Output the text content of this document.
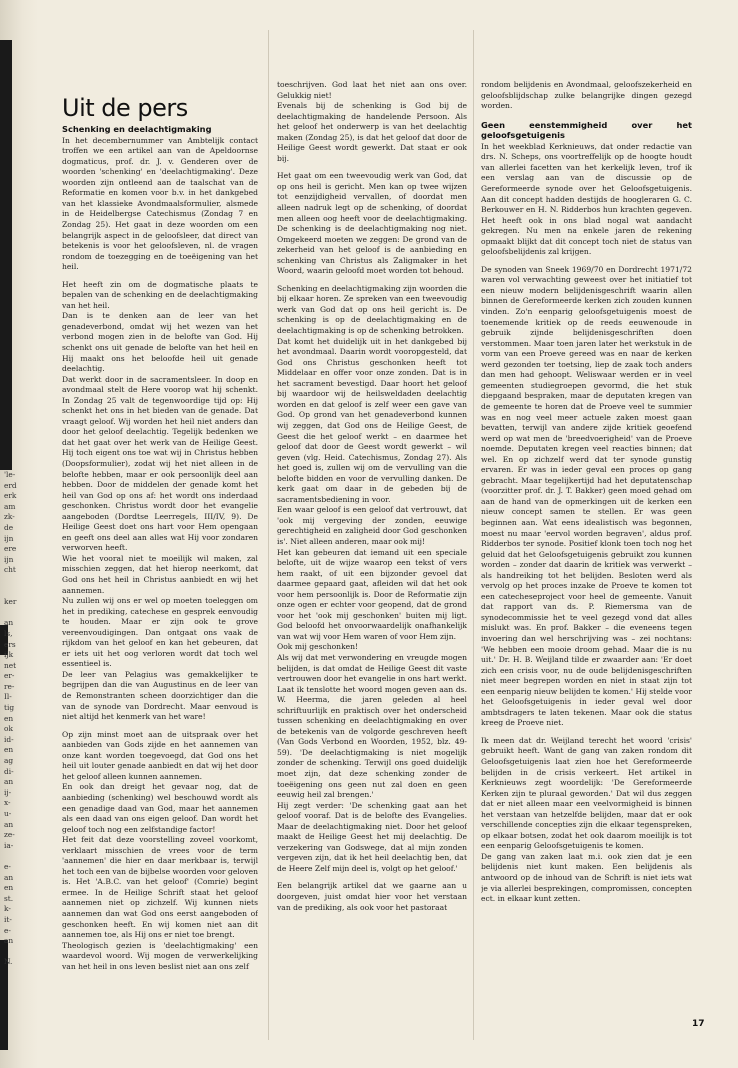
'le-
erd
erk
am
zk-
de
ijn
ere
ijn
cht

ker

an
ls,
ers
ijk
net
er-
re-
Il-
tig
en
ok
id-
en
ag
di-
an
ij-
x-
u-
an
ze-
ia-

e-
an
en
st.
k-
it-
e-
an

N.
Uit de pers
Schenking en deelachtigmaking

In het decembernummer van Ambtelijk contact troffen we een artikel aan van de Apeldoornse dogmaticus, prof. dr. J. v. Genderen over de woorden 'schenking' en 'deelachtigmaking'. Deze woorden zijn ontleend aan de taalschat van de Reformatie en komen voor b.v. in het dankgebed van het klassieke Avondmaalsformulier, alsmede in de Heidelbergse Catechismus (Zondag 7 en Zondag 25). Het gaat in deze woorden om een belangrijk aspect in de geloofsleer, dat direct van betekenis is voor het geloofsleven, nl. de vragen rondom de toezegging en de toeëigening van het heil.

Het heeft zin om de dogmatische plaats te bepalen van de schenking en de deelachtigmaking van het heil.
Dan is te denken aan de leer van het genadeverbond, omdat wij het wezen van het verbond mogen zien in de belofte van God. Hij schenkt ons uit genade de belofte van het heil en Hij maakt ons het beloofde heil uit genade deelachtig.
Dat werkt door in de sacramentsleer. In doop en avondmaal stelt de Here voorop wat hij schenkt. In Zondag 25 valt de tegenwoordige tijd op: Hij schenkt het ons in het bieden van de genade. Dat vraagt geloof. Wij worden het heil niet anders dan door het geloof deelachtig. Tegelijk bedenken we dat het gaat over het werk van de Heilige Geest. Hij toch eigent ons toe wat wij in Christus hebben (Doopsformulier), zodat wij het niet alleen in de belofte hebben, maar er ook persoonlijk deel aan hebben. Door de middelen der genade komt het heil van God op ons af: het wordt ons inderdaad geschonken. Christus wordt door het evangelie aangeboden (Dordtse Leerregels, III/IV, 9). De Heilige Geest doet ons hart voor Hem opengaan en geeft ons deel aan alles wat Hij voor zondaren verworven heeft.
Wie het vooral niet te moeilijk wil maken, zal misschien zeggen, dat het hierop neerkomt, dat God ons het heil in Christus aanbiedt en wij het aannemen.
Nu zullen wij ons er wel op moeten toeleggen om het in prediking, catechese en gesprek eenvoudig te houden. Maar er zijn ook te grove vereenvoudigingen. Dan ontgaat ons vaak de rijkdom van het geloof en kan het gebeuren, dat er iets uit het oog verloren wordt dat toch wel essentieel is.
De leer van Pelagius was gemakkelijker te begrijpen dan die van Augustinus en de leer van de Remonstranten scheen doorzichtiger dan die van de synode van Dordrecht. Maar eenvoud is niet altijd het kenmerk van het ware!

Op zijn minst moet aan de uitspraak over het aanbieden van Gods zijde en het aannemen van onze kant worden toegevoegd, dat God ons het heil uit louter genade aanbiedt en dat wij het door het geloof alleen kunnen aannemen.
En ook dan dreigt het gevaar nog, dat de aanbieding (schenking) wel beschouwd wordt als een genadige daad van God, maar het aannemen als een daad van ons eigen geloof. Dan wordt het geloof toch nog een zelfstandige factor!
Het feit dat deze voorstelling zoveel voorkomt, verklaart misschien de vrees voor de term 'aannemen' die hier en daar merkbaar is, terwijl het toch een van de bijbelse woorden voor geloven is. Het 'A.B.C. van het geloof' (Comrie) begint ermee. In de Heilige Schrift staat het geloof aannemen niet op zichzelf. Wij kunnen niets aannemen dan wat God ons eerst aangeboden of geschonken heeft. En wij komen niet aan dit aannemen toe, als Hij ons er niet toe brengt.
Theologisch gezien is 'deelachtigmaking' een waardevol woord. Wij mogen de verwerkelijking van het heil in ons leven beslist niet aan ons zelf

toeschrijven. God laat het niet aan ons over. Gelukkig niet!
Evenals bij de schenking is God bij de deelachtigmaking de handelende Persoon. Als het geloof het onderwerp is van het deelachtig maken (Zondag 25), is dat het geloof dat door de Heilige Geest wordt gewerkt. Dat staat er ook bij.

Het gaat om een tweevoudig werk van God, dat op ons heil is gericht. Men kan op twee wijzen tot eenzijdigheid vervallen, of doordat men alleen nadruk legt op de schenking, of doordat men alleen oog heeft voor de deelachtigmaking. De schenking is de deelachtigmaking nog niet. Omgekeerd moeten we zeggen: De grond van de zekerheid van het geloof is de aanbieding en schenking van Christus als Zaligmaker in het Woord, waarin geloofd moet worden tot behoud.

Schenking en deelachtigmaking zijn woorden die bij elkaar horen. Ze spreken van een tweevoudig werk van God dat op ons heil gericht is. De schenking is op de deelachtigmaking en de deelachtigmaking is op de schenking betrokken.
Dat komt het duidelijk uit in het dankgebed bij het avondmaal. Daarin wordt vooropgesteld, dat God ons Christus geschonken heeft tot Middelaar en offer voor onze zonden. Dat is in het sacrament bevestigd. Daar hoort het geloof bij waardoor wij de heilsweldaden deelachtig worden en dat geloof is zelf weer een gave van God. Op grond van het genadeverbond kunnen wij zeggen, dat God ons de Heilige Geest, de Geest die het geloof werkt – en daarmee het geloof dat door de Geest wordt gewerkt – wil geven (vlg. Heid. Catechismus, Zondag 27). Als het goed is, zullen wij om de vervulling van die belofte bidden en voor de vervulling danken. De kerk gaat om daar in de gebeden bij de sacramentsbediening in voor.
Een waar geloof is een geloof dat vertrouwt, dat 'ook mij vergeving der zonden, eeuwige gerechtigheid en zaligheid door God geschonken is'. Niet alleen anderen, maar ook mij!
Het kan gebeuren dat iemand uit een speciale belofte, uit de wijze waarop een tekst of vers hem raakt, of uit een bijzonder gevoel dat daarmee gepaard gaat, afleiden wil dat het ook voor hem persoonlijk is. Door de Reformatie zijn onze ogen er echter voor geopend, dat de grond voor het 'ook mij geschonken' buiten mij ligt. God beloofd het onvoorwaardelijk onafhankelijk van wat wij voor Hem waren of voor Hem zijn.
Ook mij geschonken!
Als wij dat met verwondering en vreugde mogen belijden, is dat omdat de Heilige Geest dit vaste vertrouwen door het evangelie in ons hart werkt.
Laat ik tenslotte het woord mogen geven aan ds. W. Heerma, die jaren geleden al heel schriftuurlijk en praktisch over het onderscheid tussen schenking en deelachtigmaking en over de betekenis van de volgorde geschreven heeft (Van Gods Verbond en Woorden, 1952, blz. 49-59). 'De deelachtigmaking is niet mogelijk zonder de schenking. Terwijl ons goed duidelijk moet zijn, dat deze schenking zonder de toeëigening ons geen nut zal doen en geen eeuwig heil zal brengen.'
Hij zegt verder: 'De schenking gaat aan het geloof vooraf. Dat is de belofte des Evangelies. Maar de deelachtigmaking niet. Door het geloof maakt de Heilige Geest het mij deelachtig. De verzekering van Godswege, dat al mijn zonden vergeven zijn, dat ik het heil deelachtig ben, dat de Heere Zelf mijn deel is, volgt op het geloof.'

Een belangrijk artikel dat we gaarne aan u doorgeven, juist omdat hier voor het verstaan van de prediking, als ook voor het pastoraat

rondom belijdenis en Avondmaal, geloofszekerheid en geloofsblijdschap zulke belangrijke dingen gezegd worden.

Geen eenstemmigheid over het geloofsgetuigenis

In het weekblad Kerknieuws, dat onder redactie van drs. N. Scheps, ons voortreffelijk op de hoogte houdt van allerlei facetten van het kerkelijk leven, trof ik een verslag aan van de discussie op de Gereformeerde synode over het Geloofsgetuigenis. Aan dit concept hadden destijds de hoogleraren G. C. Berkouwer en H. N. Ridderbos hun krachten gegeven. Het heeft ook in ons blad nogal wat aandacht gekregen. Nu men na enkele jaren de rekening opmaakt blijkt dat dit concept toch niet de status van geloofsbelijdenis zal krijgen.

De synoden van Sneek 1969/70 en Dordrecht 1971/72 waren vol verwachting geweest over het initiatief tot een nieuw modern belijdenisgeschrift waarin allen binnen de Gereformeerde kerken zich zouden kunnen vinden. Zo'n eenparig geloofsgetuigenis moest de toenemende kritiek op de reeds eeuwenoude in gebruik zijnde belijdenisgeschriften doen verstommen. Maar toen jaren later het werkstuk in de vorm van een Proeve gereed was en naar de kerken werd gezonden ter toetsing, liep de zaak toch anders dan men had gehoopt. Weliswaar werden er in veel gemeenten studiegroepen gevormd, die het stuk diepgaand bespraken, maar de deputaten kregen van de gemeente te horen dat de Proeve veel te summier was en nog veel meer actuele zaken moest gaan bevatten, terwijl van andere zijde kritiek geoefend werd op wat men de 'breedvoerigheid' van de Proeve noemde. Deputaten kregen veel reacties binnen; dat wel. En op zichzelf werd dat ter synode gunstig ervaren. Er was in ieder geval een proces op gang gebracht. Maar tegelijkertijd had het deputatenschap (voorzitter prof. dr. J. T. Bakker) geen moed gehad om aan de hand van de opmerkingen uit de kerken een nieuw concept samen te stellen. Er was geen beginnen aan. Wat eens idealistisch was begonnen, moest nu maar 'eervol worden begraven', aldus prof. Ridderbos ter synode. Positief klonk toen toch nog het geluid dat het Geloofsgetuigenis gebruikt zou kunnen worden – zonder dat daarin de kritiek was verwerkt – als handreiking tot het belijden. Besloten werd als vervolg op het proces inzake de Proeve te komen tot een catecheseproject voor heel de gemeente. Vanuit dat rapport van ds. P. Riemersma van de synodecommissie het te veel gezegd vond dat alles mislukt was. En prof. Bakker – die eveneens tegen invoering dan wel herschrijving was – zei nochtans: 'We hebben een mooie droom gehad. Maar die is nu uit.' Dr. H. B. Weijland tilde er zwaarder aan: 'Er doet zich een crisis voor, nu de oude belijdenisgeschriften niet meer begrepen worden en niet in staat zijn tot een eenparig nieuw belijden te komen.' Hij stelde voor het Geloofsgetuigenis in ieder geval wel door ambtsdragers te laten tekenen. Maar ook die status kreeg de Proeve niet.

Ik meen dat dr. Weijland terecht het woord 'crisis' gebruikt heeft. Want de gang van zaken rondom dit Geloofsgetuigenis laat zien hoe het Gereformeerde belijden in de crisis verkeert. Het artikel in Kerknieuws zegt woordelijk: 'De Gereformeerde Kerken zijn te pluraal geworden.' Dat wil dus zeggen dat er niet alleen maar een veelvormigheid is binnen het verstaan van hetzelfde belijden, maar dat er ook verschillende concepties zijn die elkaar tegenspreken, op elkaar botsen, zodat het ook daarom moeilijk is tot een eenparig Geloofsgetuigenis te komen.
De gang van zaken laat m.i. ook zien dat je een belijdenis niet kunt maken. Een belijdenis als antwoord op de inhoud van de Schrift is niet iets wat je via allerlei besprekingen, compromissen, concepten ect. in elkaar kunt zetten.

17
